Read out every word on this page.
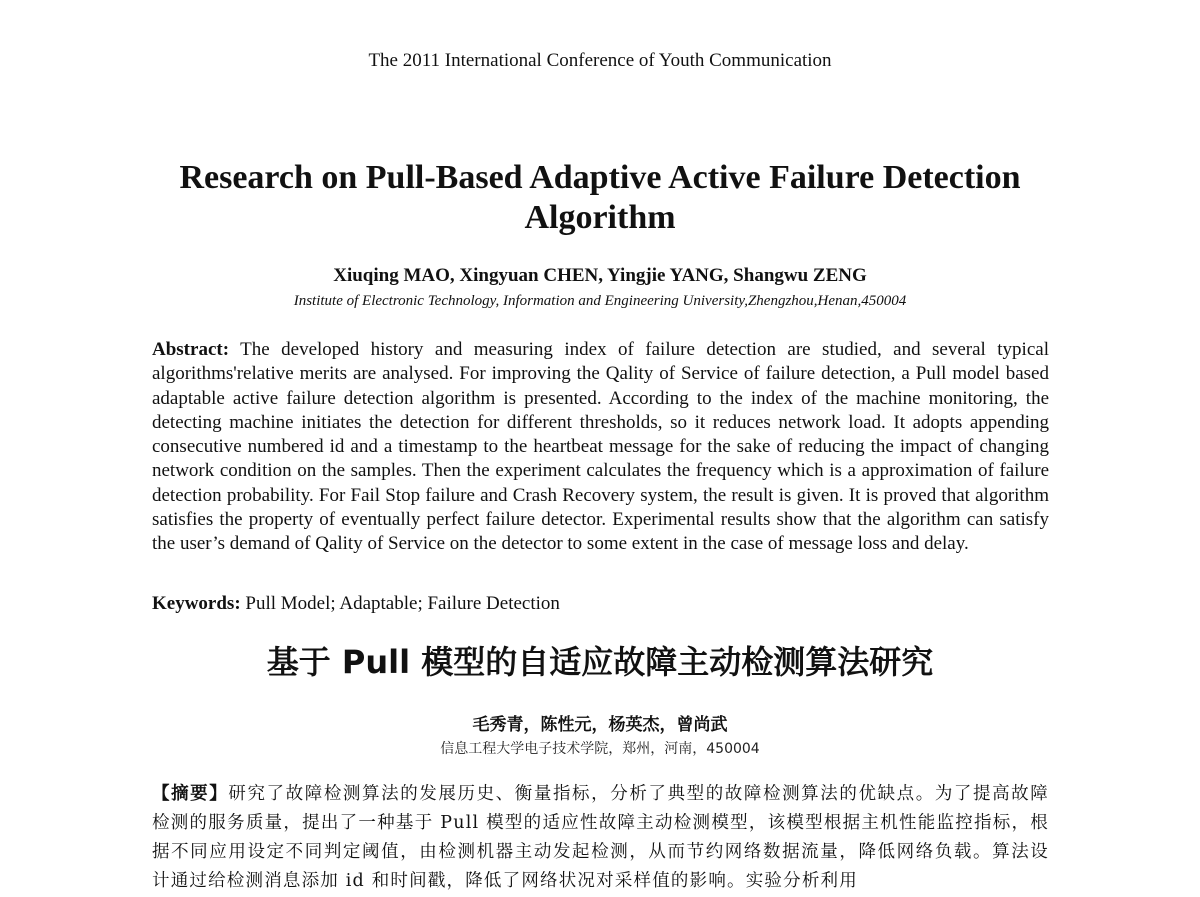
The 2011 International Conference of Youth Communication
Research on Pull-Based Adaptive Active Failure Detection Algorithm
Xiuqing MAO, Xingyuan CHEN, Yingjie YANG, Shangwu ZENG
Institute of Electronic Technology, Information and Engineering University,Zhengzhou,Henan,450004

Abstract: The developed history and measuring index of failure detection are studied, and several typical algorithms'relative merits are analysed. For improving the Qality of Service of failure detection, a Pull model based adaptable active failure detection algorithm is presented. According to the index of the machine monitoring, the detecting machine initiates the detection for different thresholds, so it reduces network load. It adopts appending consecutive numbered id and a timestamp to the heartbeat message for the sake of reducing the impact of changing network condition on the samples. Then the experiment calculates the frequency which is a approximation of failure detection probability. For Fail Stop failure and Crash Recovery system, the result is given. It is proved that algorithm satisfies the property of eventually perfect failure detector. Experimental results show that the algorithm can satisfy the user’s demand of Qality of Service on the detector to some extent in the case of message loss and delay.

Keywords: Pull Model; Adaptable; Failure Detection

基于 Pull 模型的自适应故障主动检测算法研究
毛秀青，陈性元，杨英杰，曾尚武
信息工程大学电子技术学院，郑州，河南，450004

【摘要】研究了故障检测算法的发展历史、衡量指标，分析了典型的故障检测算法的优缺点。为了提高故障检测的服务质量，提出了一种基于 Pull 模型的适应性故障主动检测模型，该模型根据主机性能监控指标，根据不同应用设定不同判定阈值，由检测机器主动发起检测，从而节约网络数据流量，降低网络负载。算法设计通过给检测消息添加 id 和时间戳，降低了网络状况对采样值的影响。实验分析利用
